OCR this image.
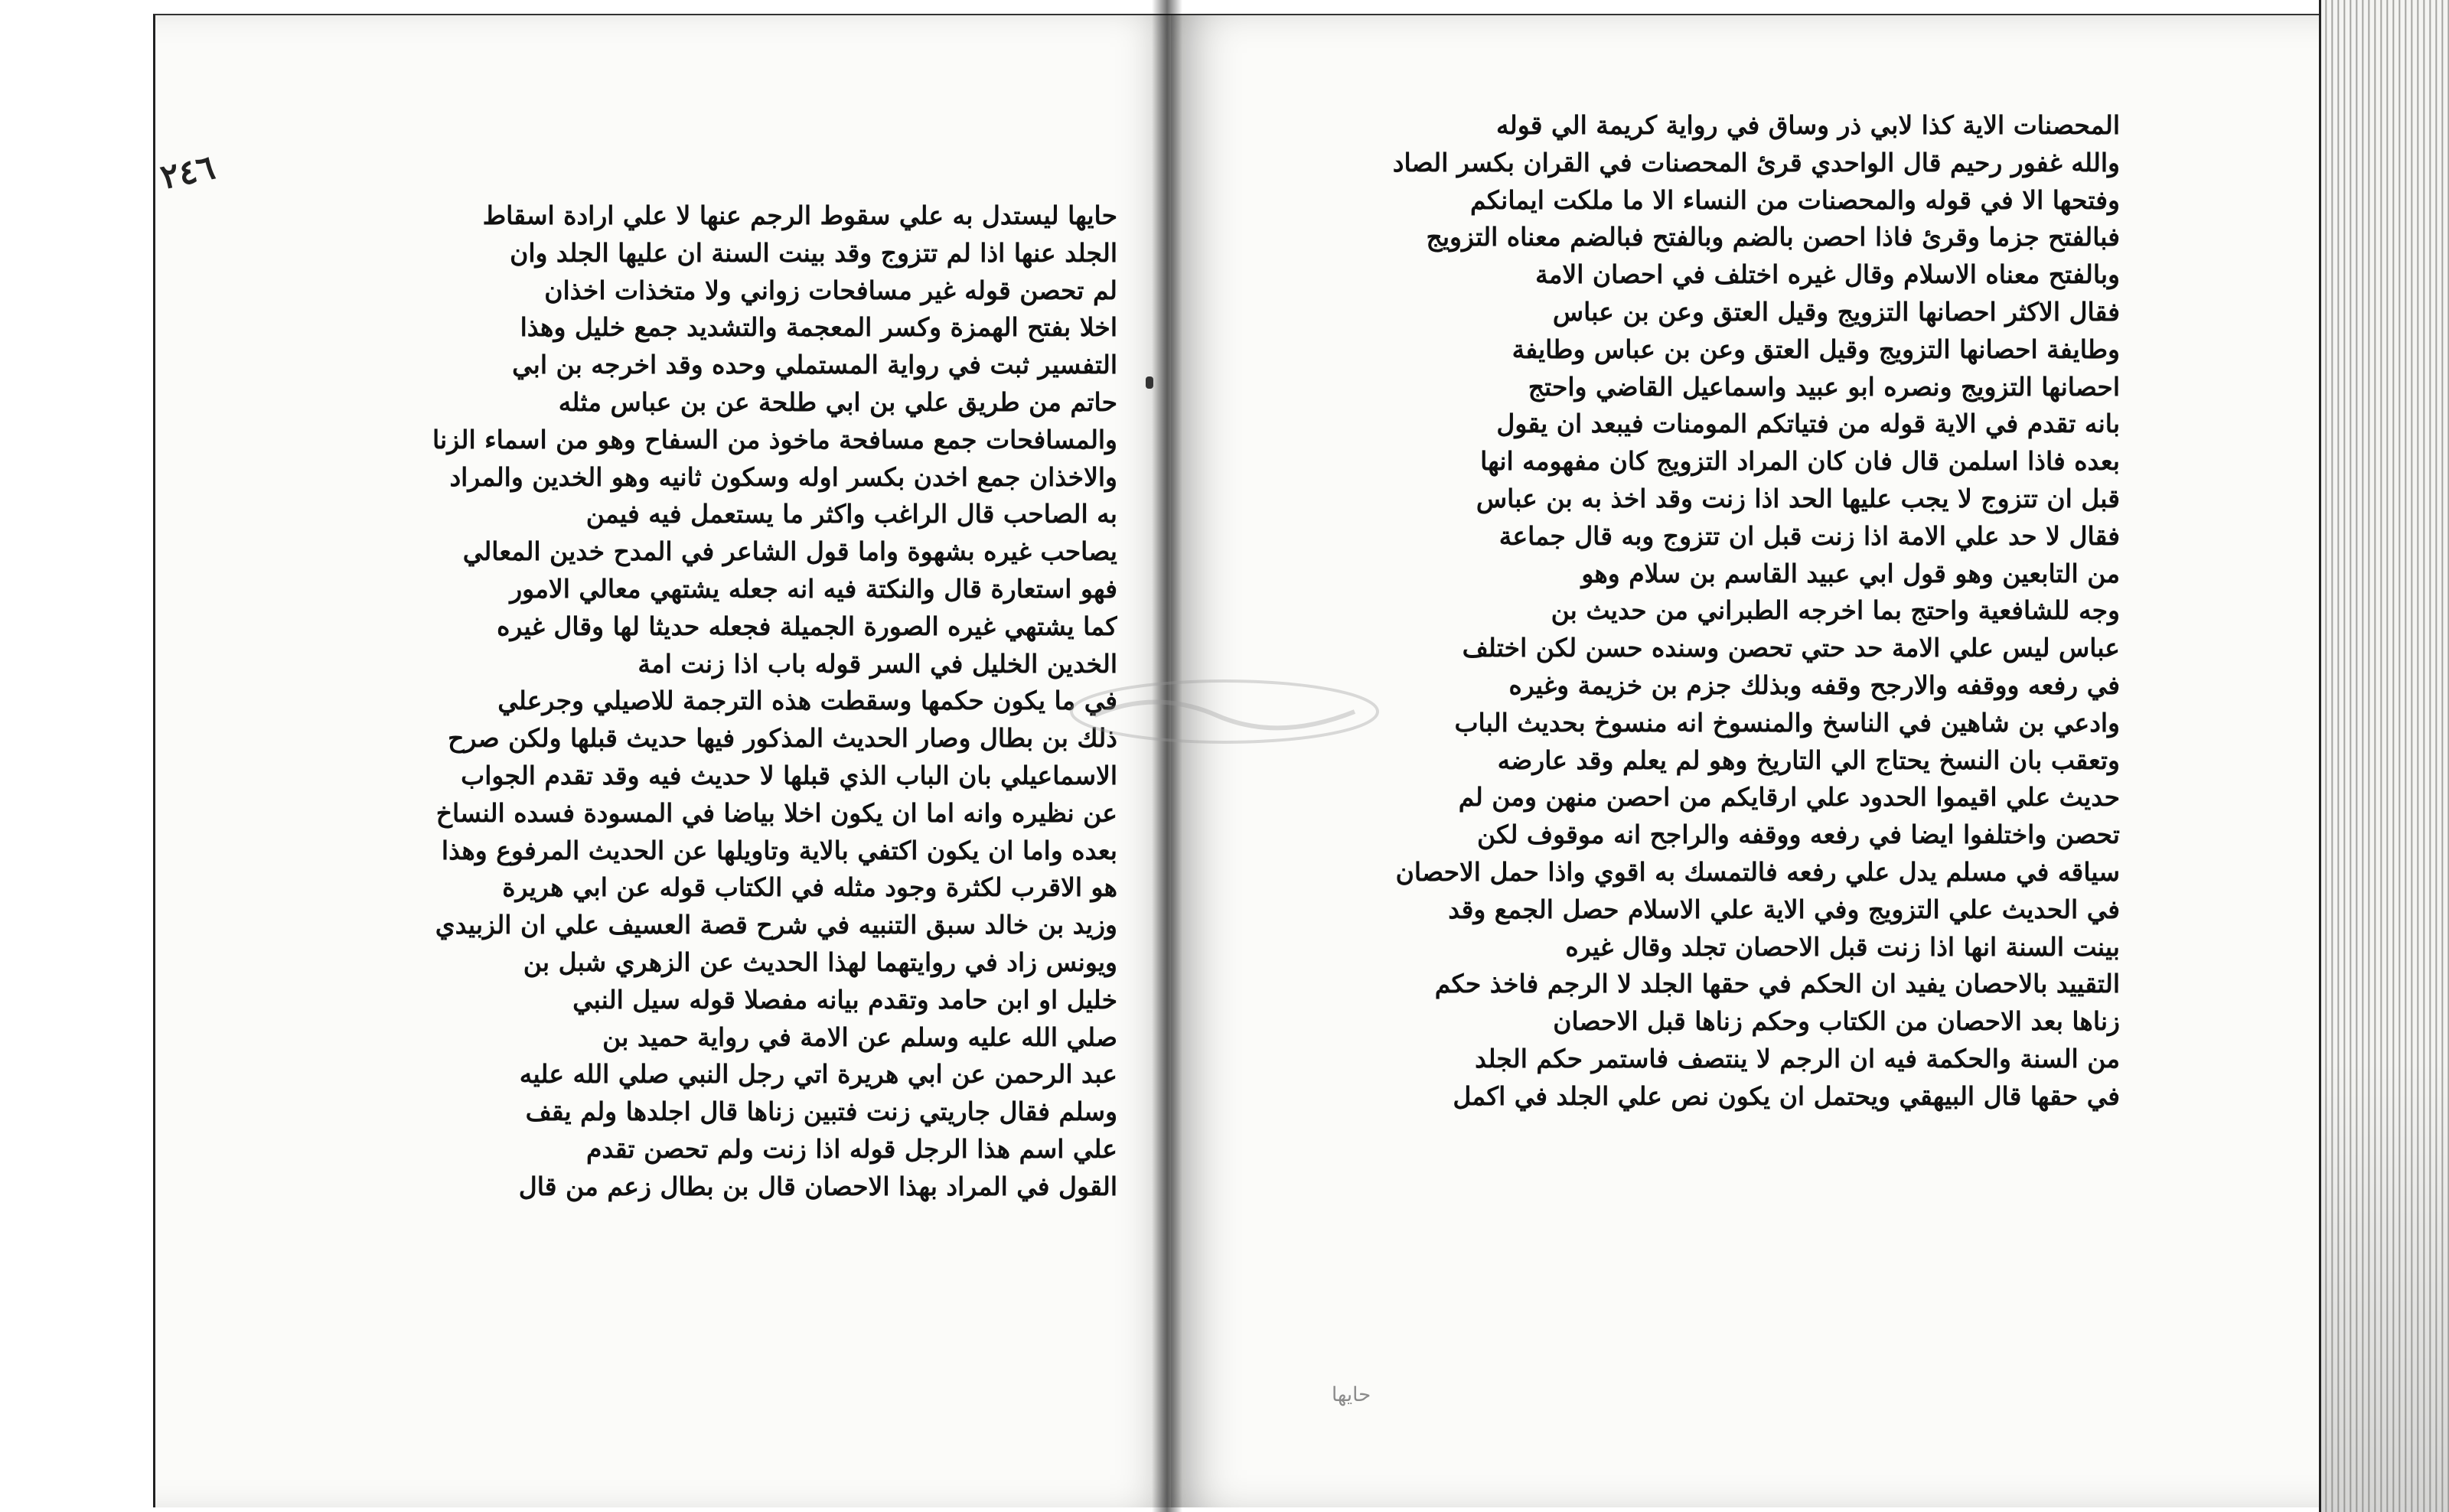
٢٤٦
حايها ليستدل به علي سقوط الرجم عنها لا علي ارادة اسقاط
الجلد عنها اذا لم تتزوج وقد بينت السنة ان عليها الجلد وان
لم تحصن قوله غير مسافحات زواني ولا متخذات اخذان
اخلا بفتح الهمزة وكسر المعجمة والتشديد جمع خليل وهذا
التفسير ثبت في رواية المستملي وحده وقد اخرجه بن ابي
حاتم من طريق علي بن ابي طلحة عن بن عباس مثله
والمسافحات جمع مسافحة ماخوذ من السفاح وهو من اسماء الزنا
والاخذان جمع اخدن بكسر اوله وسكون ثانيه وهو الخدين والمراد
به الصاحب قال الراغب واكثر ما يستعمل فيه فيمن
يصاحب غيره بشهوة واما قول الشاعر في المدح خدين المعالي
فهو استعارة قال والنكتة فيه انه جعله يشتهي معالي الامور
كما يشتهي غيره الصورة الجميلة فجعله حديثا لها وقال غيره
الخدين الخليل في السر قوله باب اذا زنت امة
في ما يكون حكمها وسقطت هذه الترجمة للاصيلي وجرعلي
ذلك بن بطال وصار الحديث المذكور فيها حديث قبلها ولكن صرح
الاسماعيلي بان الباب الذي قبلها لا حديث فيه وقد تقدم الجواب
عن نظيره وانه اما ان يكون اخلا بياضا في المسودة فسده النساخ
بعده واما ان يكون اكتفي بالاية وتاويلها عن الحديث المرفوع وهذا
هو الاقرب لكثرة وجود مثله في الكتاب قوله عن ابي هريرة
وزيد بن خالد سبق التنبيه في شرح قصة العسيف علي ان الزبيدي
ويونس زاد في روايتهما لهذا الحديث عن الزهري شبل بن
خليل او ابن حامد وتقدم بيانه مفصلا قوله سيل النبي
صلي الله عليه وسلم عن الامة في رواية حميد بن
عبد الرحمن عن ابي هريرة اتي رجل النبي صلي الله عليه
وسلم فقال جاريتي زنت فتبين زناها قال اجلدها ولم يقف
علي اسم هذا الرجل قوله اذا زنت ولم تحصن تقدم
القول في المراد بهذا الاحصان قال بن بطال زعم من قال
المحصنات الاية كذا لابي ذر وساق في رواية كريمة الي قوله
والله غفور رحيم قال الواحدي قرئ المحصنات في القران بكسر الصاد
وفتحها الا في قوله والمحصنات من النساء الا ما ملكت ايمانكم
فبالفتح جزما وقرئ فاذا احصن بالضم وبالفتح فبالضم معناه التزويج
وبالفتح معناه الاسلام وقال غيره اختلف في احصان الامة
فقال الاكثر احصانها التزويج وقيل العتق وعن بن عباس
وطايفة احصانها التزويج وقيل العتق وعن بن عباس وطايفة
احصانها التزويج ونصره ابو عبيد واسماعيل القاضي واحتج
بانه تقدم في الاية قوله من فتياتكم المومنات فيبعد ان يقول
بعده فاذا اسلمن قال فان كان المراد التزويج كان مفهومه انها
قبل ان تتزوج لا يجب عليها الحد اذا زنت وقد اخذ به بن عباس
فقال لا حد علي الامة اذا زنت قبل ان تتزوج وبه قال جماعة
من التابعين وهو قول ابي عبيد القاسم بن سلام وهو
وجه للشافعية واحتج بما اخرجه الطبراني من حديث بن
عباس ليس علي الامة حد حتي تحصن وسنده حسن لكن اختلف
في رفعه ووقفه والارجح وقفه وبذلك جزم بن خزيمة وغيره
وادعي بن شاهين في الناسخ والمنسوخ انه منسوخ بحديث الباب
وتعقب بان النسخ يحتاج الي التاريخ وهو لم يعلم وقد عارضه
حديث علي اقيموا الحدود علي ارقايكم من احصن منهن ومن لم
تحصن واختلفوا ايضا في رفعه ووقفه والراجح انه موقوف لكن
سياقه في مسلم يدل علي رفعه فالتمسك به اقوي واذا حمل الاحصان
في الحديث علي التزويج وفي الاية علي الاسلام حصل الجمع وقد
بينت السنة انها اذا زنت قبل الاحصان تجلد وقال غيره
التقييد بالاحصان يفيد ان الحكم في حقها الجلد لا الرجم فاخذ حكم
زناها بعد الاحصان من الكتاب وحكم زناها قبل الاحصان
من السنة والحكمة فيه ان الرجم لا ينتصف فاستمر حكم الجلد
في حقها قال البيهقي ويحتمل ان يكون نص علي الجلد في اكمل
حايها
